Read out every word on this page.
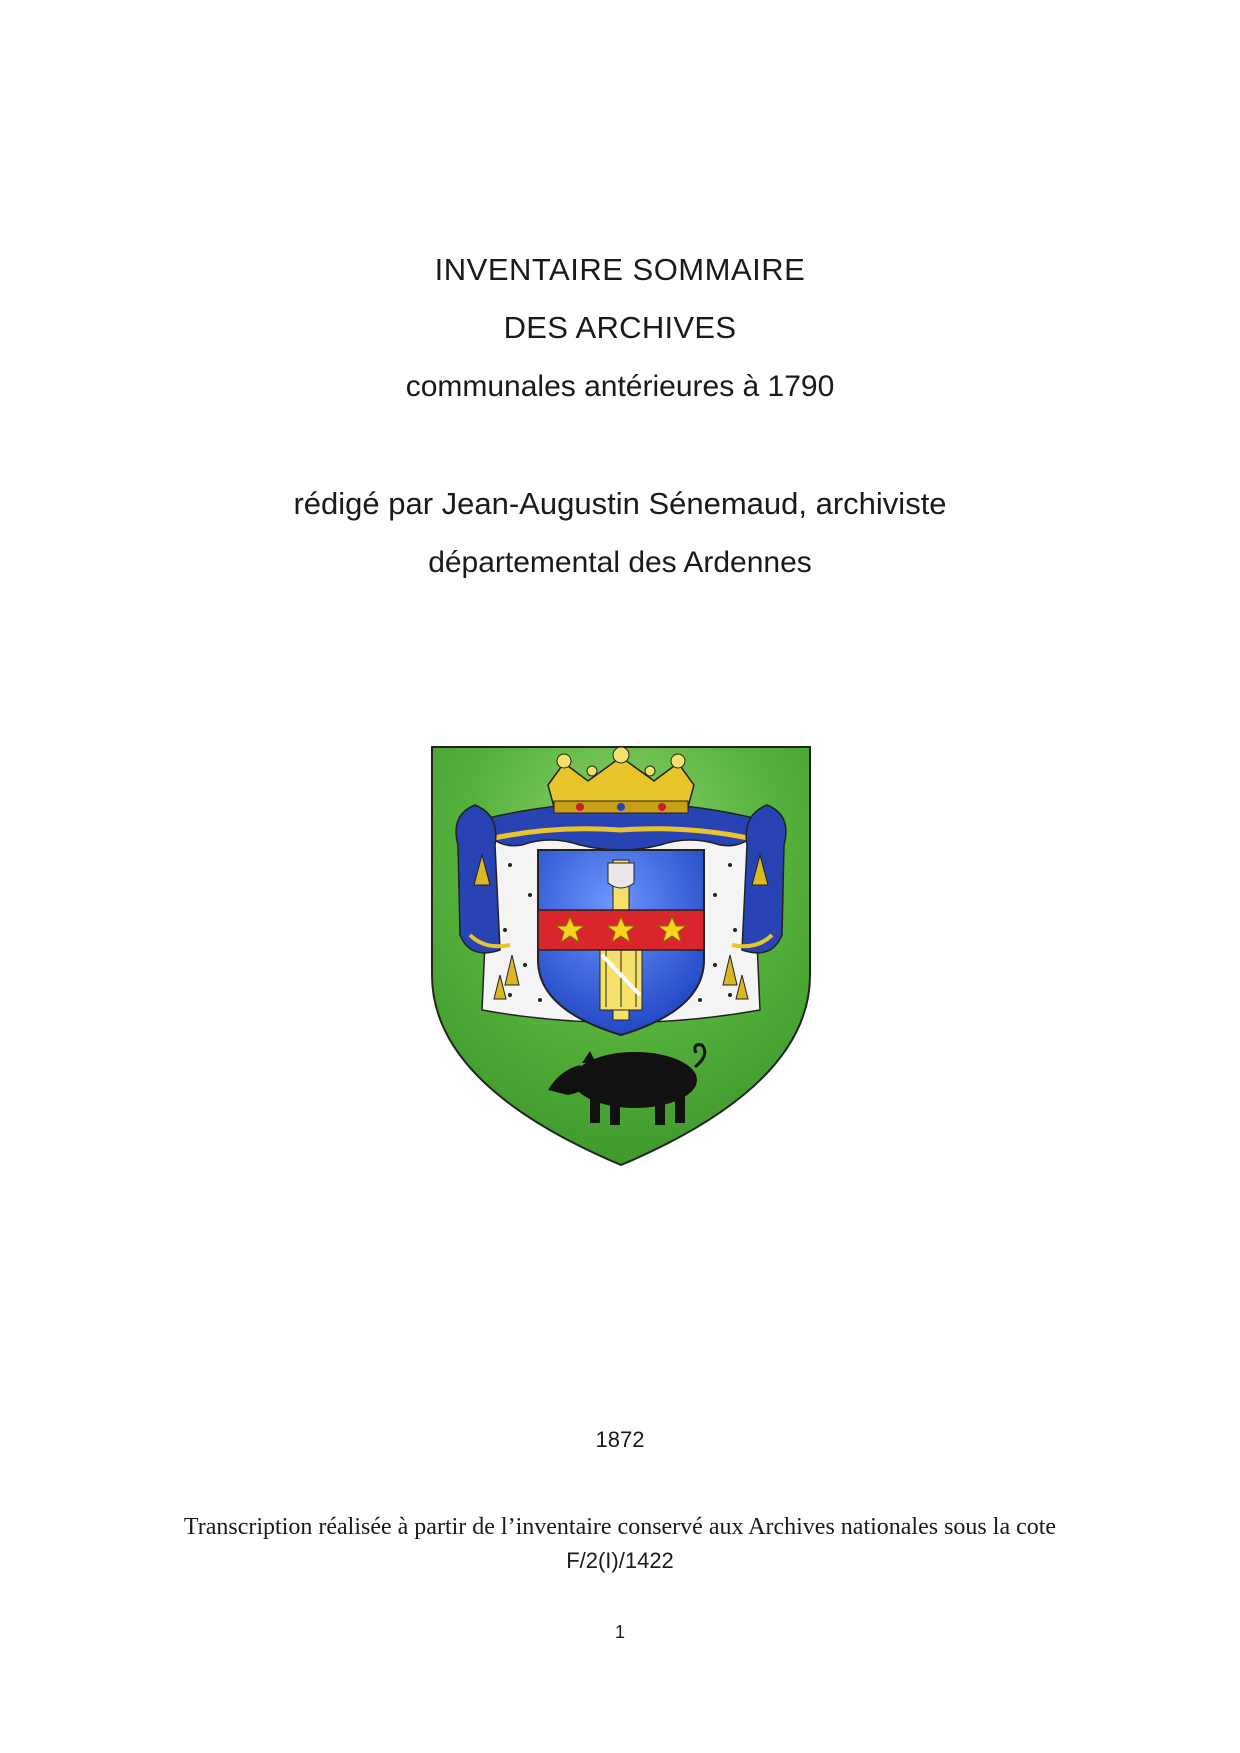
INVENTAIRE SOMMAIRE
DES ARCHIVES
communales antérieures à 1790
rédigé par Jean-Augustin Sénemaud, archiviste
départemental des Ardennes
1872
Transcription réalisée à partir de l’inventaire conservé aux Archives nationales sous la cote
F/2(I)/1422
1
